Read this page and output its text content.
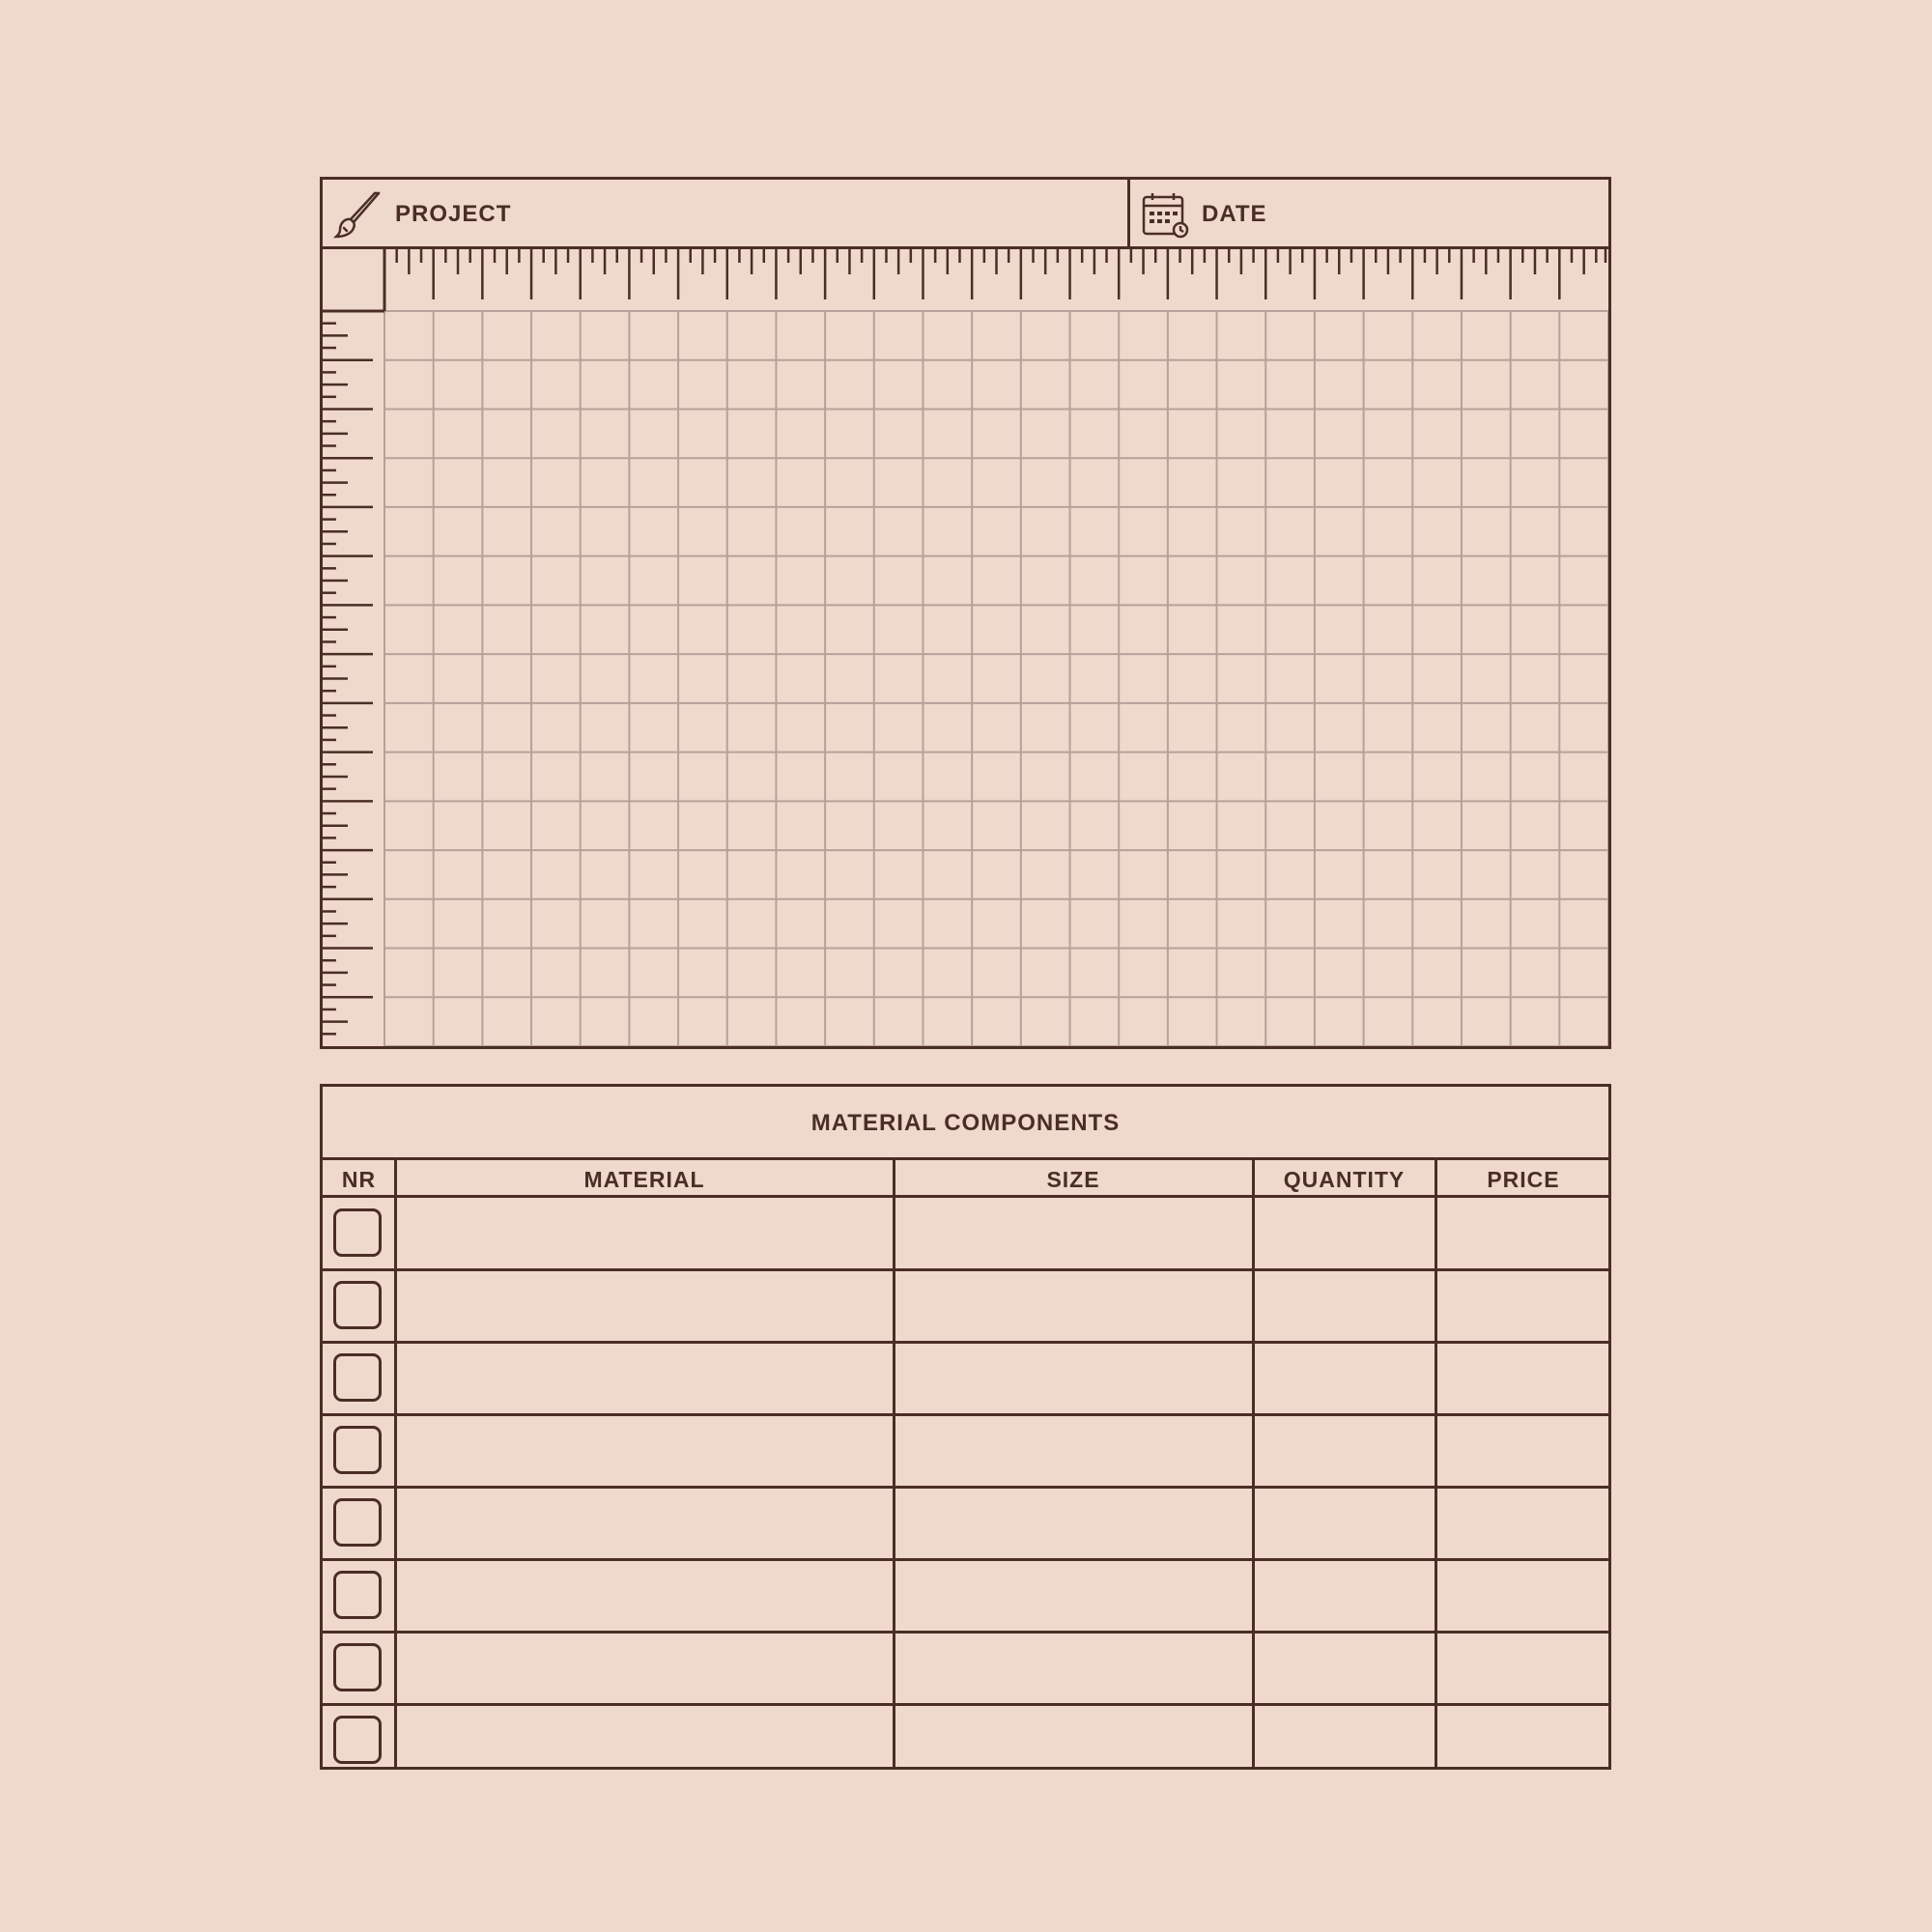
PROJECT	DATE
MATERIAL COMPONENTS
NR	MATERIAL	SIZE	QUANTITY	PRICE
